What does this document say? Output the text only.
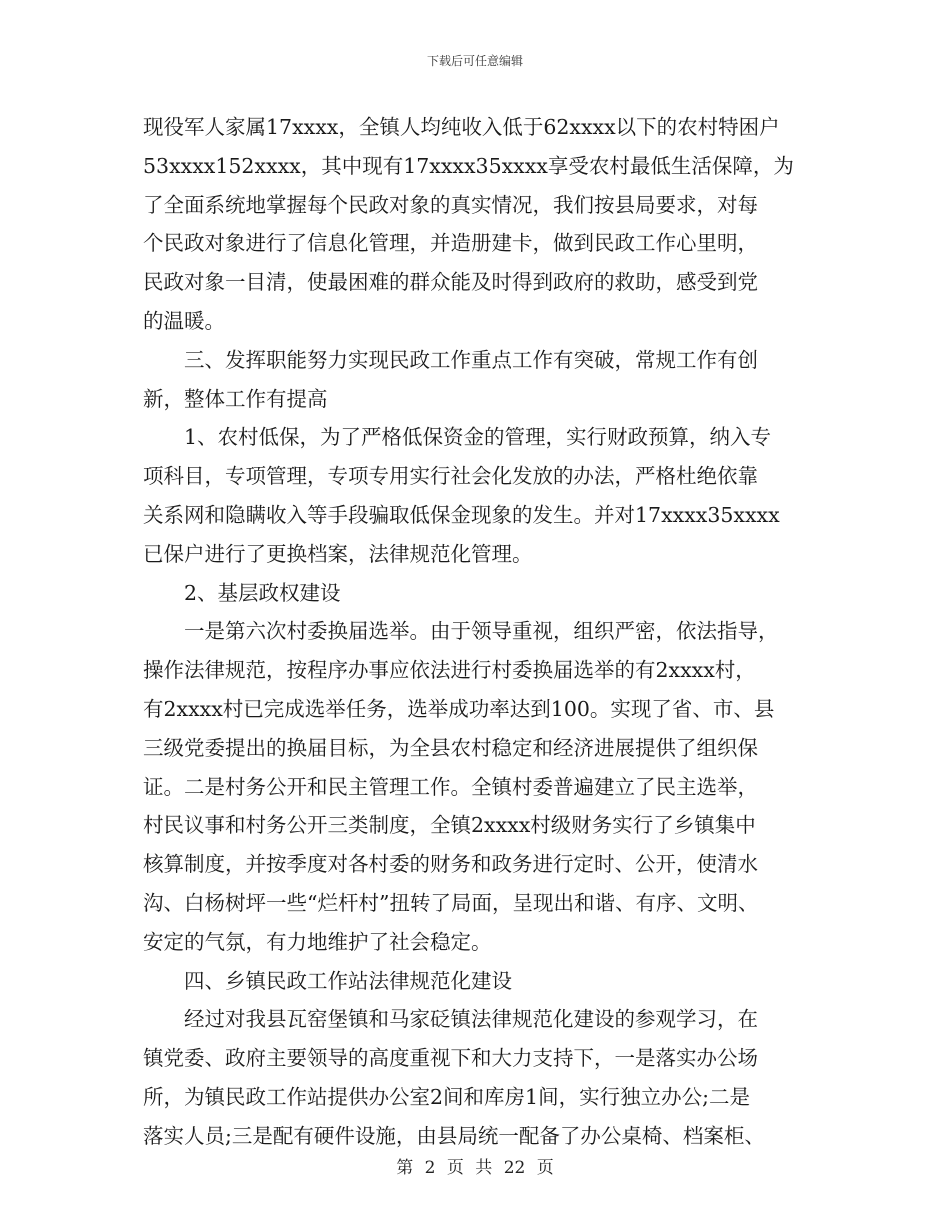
下载后可任意编辑
现役军人家属17xxxx，全镇人均纯收入低于62xxxx以下的农村特困户
53xxxx152xxxx，其中现有17xxxx35xxxx享受农村最低生活保障，为
了全面系统地掌握每个民政对象的真实情况，我们按县局要求，对每
个民政对象进行了信息化管理，并造册建卡，做到民政工作心里明，
民政对象一目清，使最困难的群众能及时得到政府的救助，感受到党
的温暖。
三、发挥职能努力实现民政工作重点工作有突破，常规工作有创
新，整体工作有提高
1、农村低保，为了严格低保资金的管理，实行财政预算，纳入专
项科目，专项管理，专项专用实行社会化发放的办法，严格杜绝依靠
关系网和隐瞒收入等手段骗取低保金现象的发生。并对17xxxx35xxxx
已保户进行了更换档案，法律规范化管理。
2、基层政权建设
一是第六次村委换届选举。由于领导重视，组织严密，依法指导，
操作法律规范，按程序办事应依法进行村委换届选举的有2xxxx村，
有2xxxx村已完成选举任务，选举成功率达到100。实现了省、市、县
三级党委提出的换届目标，为全县农村稳定和经济进展提供了组织保
证。二是村务公开和民主管理工作。全镇村委普遍建立了民主选举，
村民议事和村务公开三类制度，全镇2xxxx村级财务实行了乡镇集中
核算制度，并按季度对各村委的财务和政务进行定时、公开，使清水
沟、白杨树坪一些“烂杆村”扭转了局面，呈现出和谐、有序、文明、
安定的气氛，有力地维护了社会稳定。
四、乡镇民政工作站法律规范化建设
经过对我县瓦窑堡镇和马家砭镇法律规范化建设的参观学习，在
镇党委、政府主要领导的高度重视下和大力支持下，一是落实办公场
所，为镇民政工作站提供办公室2间和库房1间，实行独立办公;二是
落实人员;三是配有硬件设施，由县局统一配备了办公桌椅、档案柜、
第 2 页 共 22 页
